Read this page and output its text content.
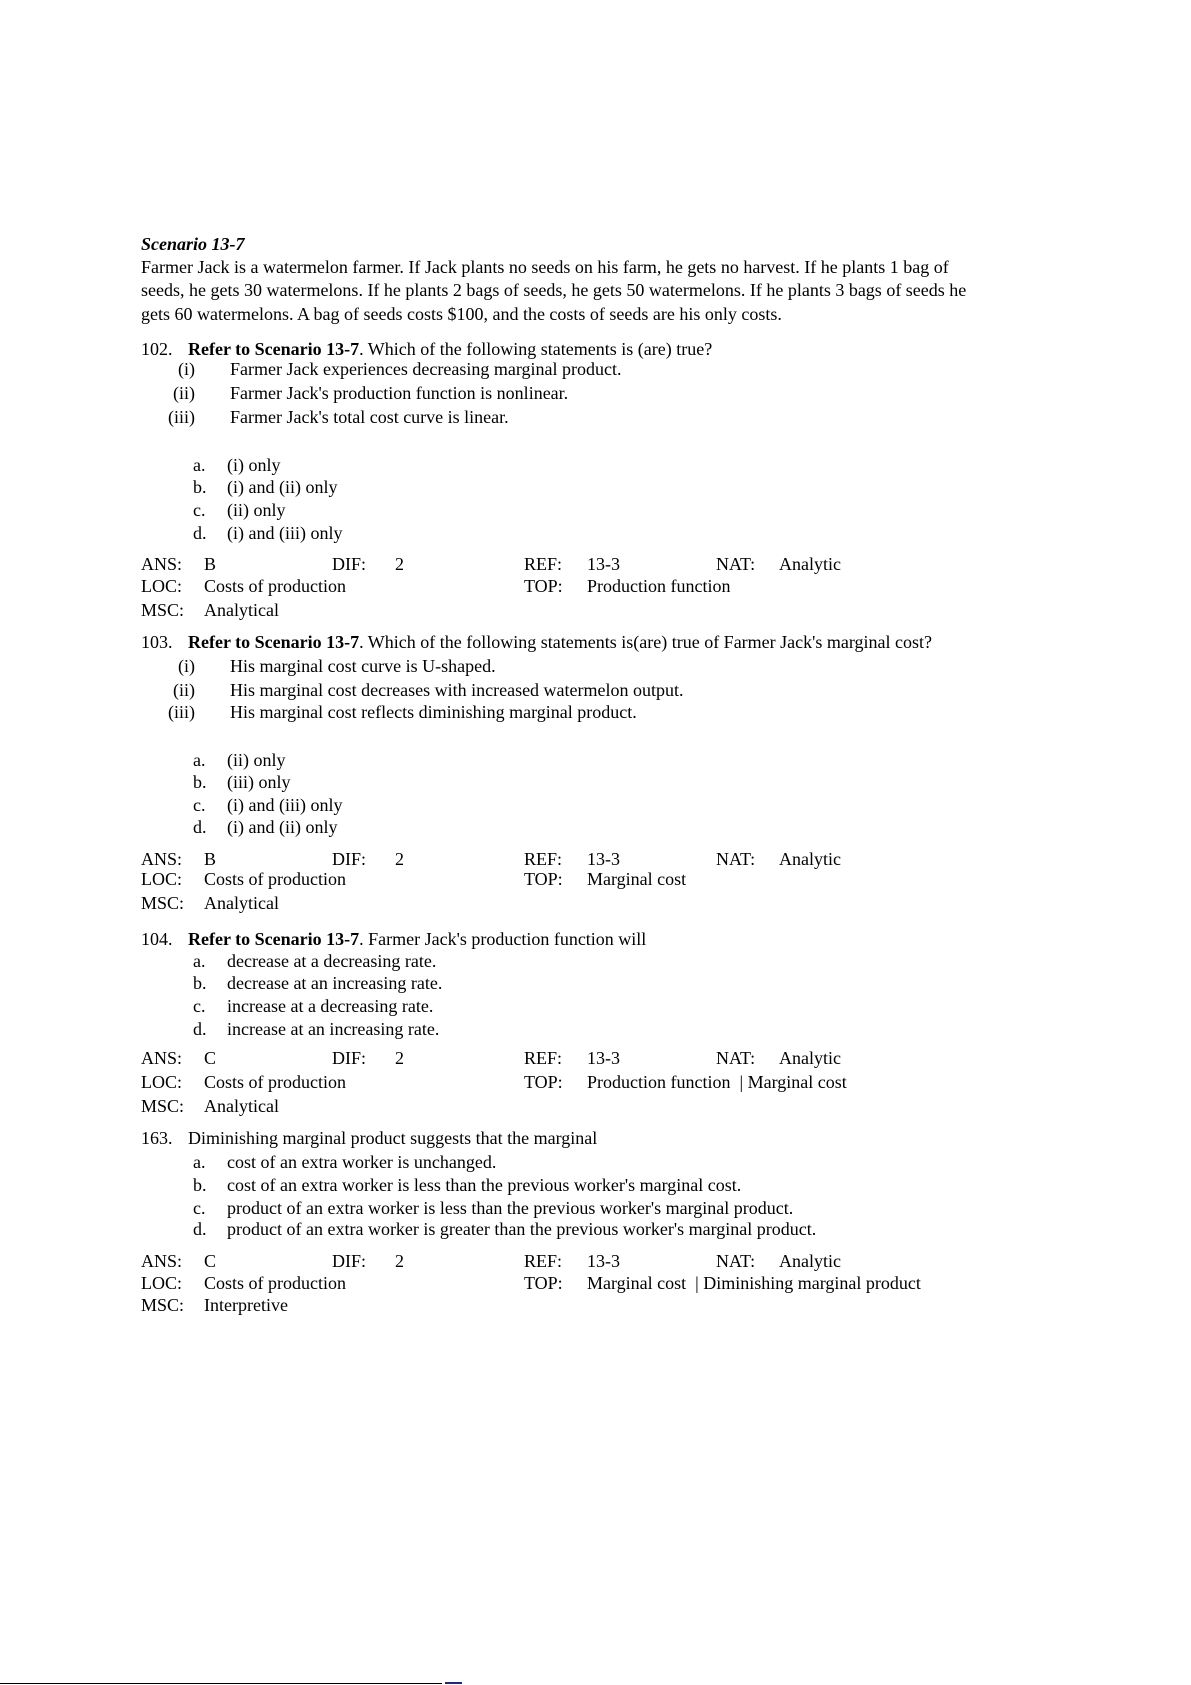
Scenario 13-7
Farmer Jack is a watermelon farmer. If Jack plants no seeds on his farm, he gets no harvest. If he plants 1 bag of
seeds, he gets 30 watermelons. If he plants 2 bags of seeds, he gets 50 watermelons. If he plants 3 bags of seeds he
gets 60 watermelons. A bag of seeds costs $100, and the costs of seeds are his only costs.
102. Refer to Scenario 13-7. Which of the following statements is (are) true?
(i) Farmer Jack experiences decreasing marginal product.
(ii) Farmer Jack's production function is nonlinear.
(iii) Farmer Jack's total cost curve is linear.
a. (i) only
b. (i) and (ii) only
c. (ii) only
d. (i) and (iii) only
ANS: B	DIF: 2	REF: 13-3	NAT: Analytic
LOC: Costs of production	TOP: Production function
MSC: Analytical
103. Refer to Scenario 13-7. Which of the following statements is(are) true of Farmer Jack's marginal cost?
(i) His marginal cost curve is U-shaped.
(ii) His marginal cost decreases with increased watermelon output.
(iii) His marginal cost reflects diminishing marginal product.
a. (ii) only
b. (iii) only
c. (i) and (iii) only
d. (i) and (ii) only
ANS: B	DIF: 2	REF: 13-3	NAT: Analytic
LOC: Costs of production	TOP: Marginal cost
MSC: Analytical
104. Refer to Scenario 13-7. Farmer Jack's production function will
a. decrease at a decreasing rate.
b. decrease at an increasing rate.
c. increase at a decreasing rate.
d. increase at an increasing rate.
ANS: C	DIF: 2	REF: 13-3	NAT: Analytic
LOC: Costs of production	TOP: Production function  | Marginal cost
MSC: Analytical
163. Diminishing marginal product suggests that the marginal
a. cost of an extra worker is unchanged.
b. cost of an extra worker is less than the previous worker's marginal cost.
c. product of an extra worker is less than the previous worker's marginal product.
d. product of an extra worker is greater than the previous worker's marginal product.
ANS: C	DIF: 2	REF: 13-3	NAT: Analytic
LOC: Costs of production	TOP: Marginal cost  | Diminishing marginal product
MSC: Interpretive
